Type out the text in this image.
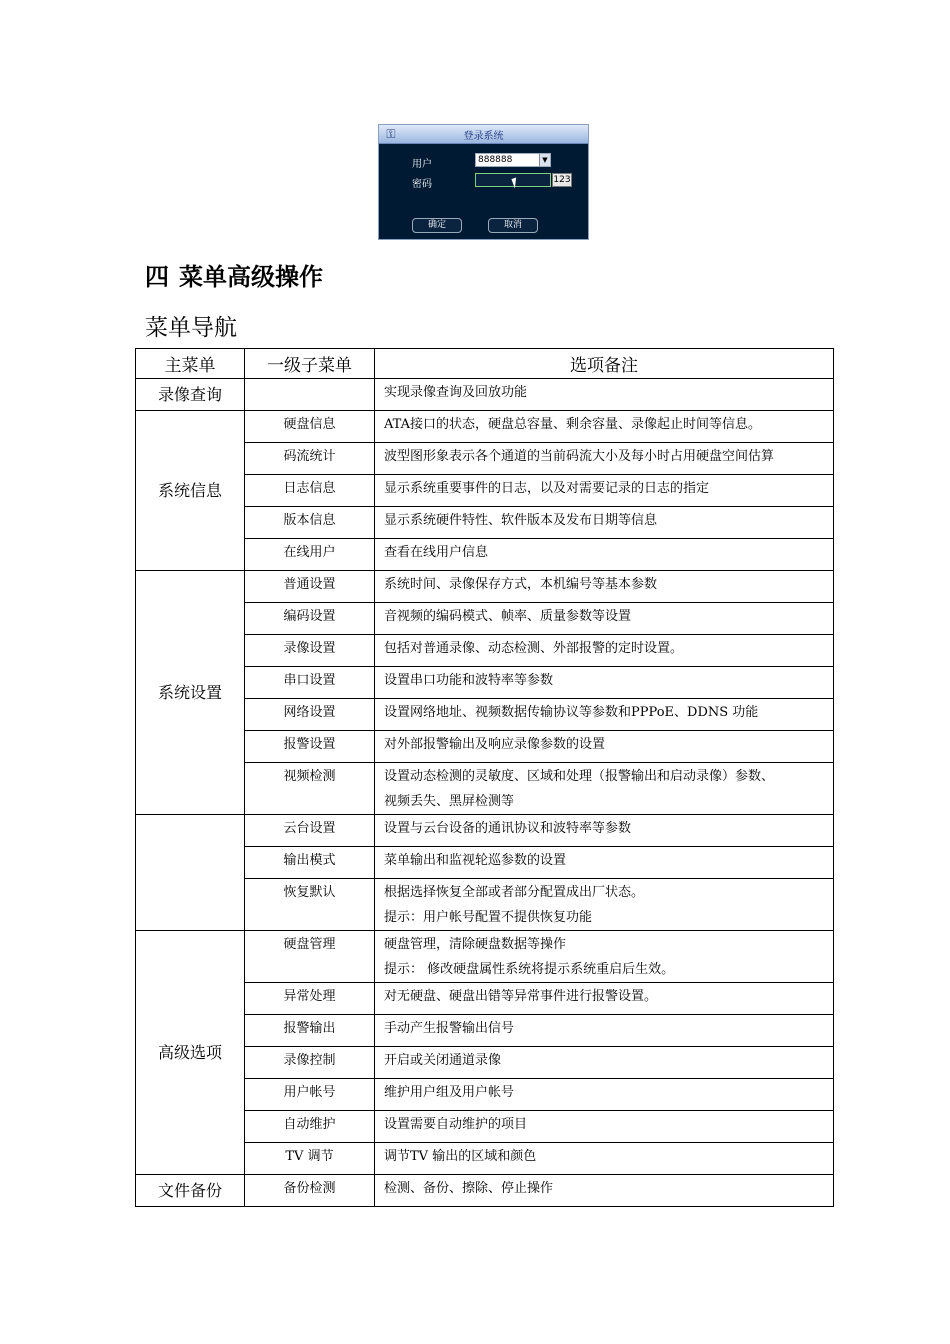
⚿	登录系统
用户	888888	▼
密码	123
确定	取消
四 菜单高级操作
菜单导航
主菜单	一级子菜单	选项备注
录像查询		实现录像查询及回放功能

系统信息	硬盘信息	ATA接口的状态，硬盘总容量、剩余容量、录像起止时间等信息。

	码流统计	波型图形象表示各个通道的当前码流大小及每小时占用硬盘空间估算

	日志信息	显示系统重要事件的日志，以及对需要记录的日志的指定

	版本信息	显示系统硬件特性、软件版本及发布日期等信息

	在线用户	查看在线用户信息

系统设置	普通设置	系统时间、录像保存方式，本机编号等基本参数

	编码设置	音视频的编码模式、帧率、质量参数等设置

	录像设置	包括对普通录像、动态检测、外部报警的定时设置。

	串口设置	设置串口功能和波特率等参数

	网络设置	设置网络地址、视频数据传输协议等参数和PPPoE、DDNS 功能

	报警设置	对外部报警输出及响应录像参数的设置

	视频检测	设置动态检测的灵敏度、区域和处理（报警输出和启动录像）参数、
视频丢失、黑屏检测等

	云台设置	设置与云台设备的通讯协议和波特率等参数

	输出模式	菜单输出和监视轮巡参数的设置

	恢复默认	根据选择恢复全部或者部分配置成出厂状态。
提示：用户帐号配置不提供恢复功能

高级选项	硬盘管理	硬盘管理，清除硬盘数据等操作
提示： 修改硬盘属性系统将提示系统重启后生效。

	异常处理	对无硬盘、硬盘出错等异常事件进行报警设置。

	报警输出	手动产生报警输出信号

	录像控制	开启或关闭通道录像

	用户帐号	维护用户组及用户帐号

	自动维护	设置需要自动维护的项目

	TV 调节	调节TV 输出的区域和颜色

文件备份	备份检测	检测、备份、擦除、停止操作
